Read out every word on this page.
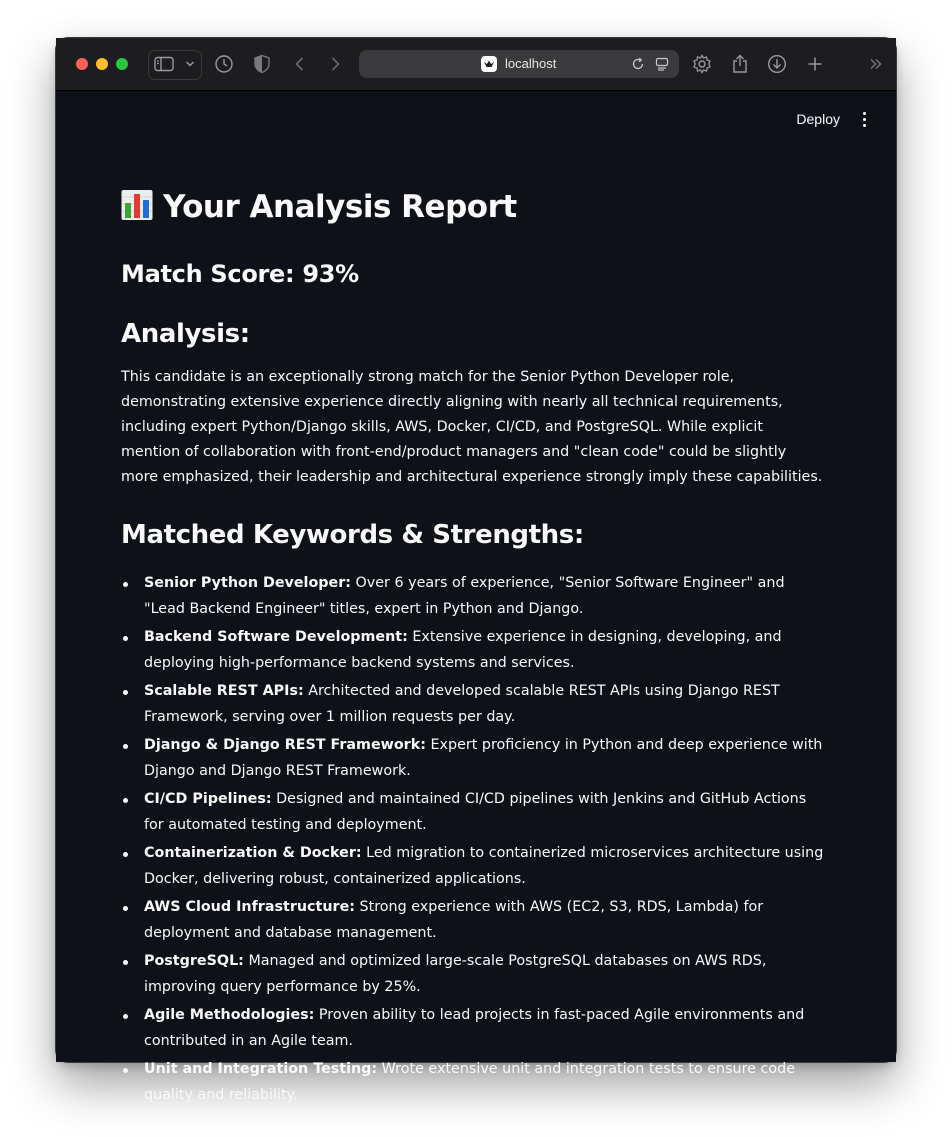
localhost
Deploy
Your Analysis Report
Match Score: 93%
Analysis:

This candidate is an exceptionally strong match for the Senior Python Developer role, demonstrating extensive experience directly aligning with nearly all technical requirements, including expert Python/Django skills, AWS, Docker, CI/CD, and PostgreSQL. While explicit mention of collaboration with front-end/product managers and "clean code" could be slightly more emphasized, their leadership and architectural experience strongly imply these capabilities.

Matched Keywords & Strengths:
Senior Python Developer: Over 6 years of experience, "Senior Software Engineer" and "Lead Backend Engineer" titles, expert in Python and Django.
Backend Software Development: Extensive experience in designing, developing, and deploying high-performance backend systems and services.
Scalable REST APIs: Architected and developed scalable REST APIs using Django REST Framework, serving over 1 million requests per day.
Django & Django REST Framework: Expert proficiency in Python and deep experience with Django and Django REST Framework.
CI/CD Pipelines: Designed and maintained CI/CD pipelines with Jenkins and GitHub Actions for automated testing and deployment.
Containerization & Docker: Led migration to containerized microservices architecture using Docker, delivering robust, containerized applications.
AWS Cloud Infrastructure: Strong experience with AWS (EC2, S3, RDS, Lambda) for deployment and database management.
PostgreSQL: Managed and optimized large-scale PostgreSQL databases on AWS RDS, improving query performance by 25%.
Agile Methodologies: Proven ability to lead projects in fast-paced Agile environments and contributed in an Agile team.
Unit and Integration Testing: Wrote extensive unit and integration tests to ensure code quality and reliability.
